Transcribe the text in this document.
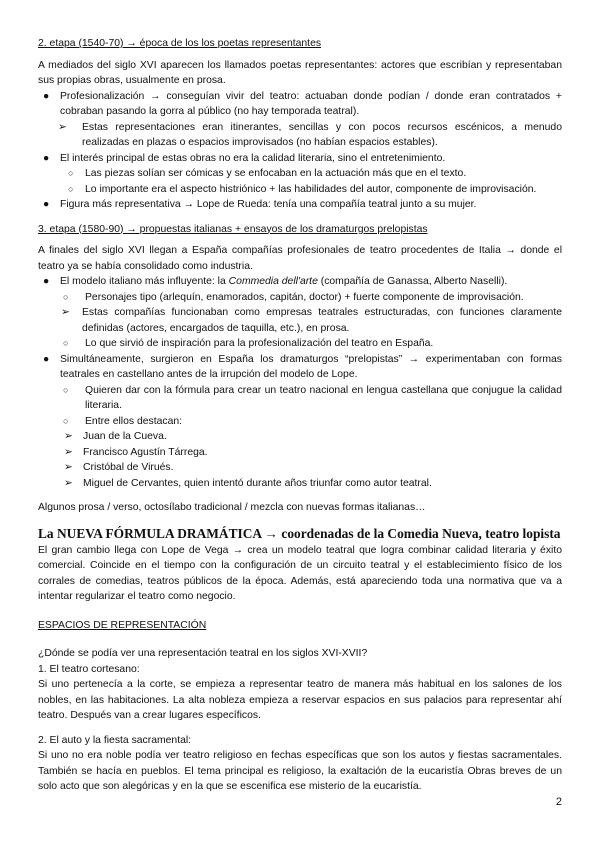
2. etapa (1540-70) → época de los los poetas representantes

A mediados del siglo XVI aparecen los llamados poetas representantes: actores que escribían y representaban sus propias obras, usualmente en prosa.

● Profesionalización → conseguían vivir del teatro: actuaban donde podían / donde eran contratados + cobraban pasando la gorra al público (no hay temporada teatral).
➢ Estas representaciones eran itinerantes, sencillas y con pocos recursos escénicos, a menudo realizadas en plazas o espacios improvisados (no habían espacios estables).
● El interés principal de estas obras no era la calidad literaria, sino el entretenimiento.
○ Las piezas solían ser cómicas y se enfocaban en la actuación más que en el texto.
○ Lo importante era el aspecto histriónico + las habilidades del autor, componente de improvisación.
● Figura más representativa → Lope de Rueda: tenía una compañía teatral junto a su mujer.

3. etapa (1580-90) → propuestas italianas + ensayos de los dramaturgos prelopistas

A finales del siglo XVI llegan a España compañías profesionales de teatro procedentes de Italia → donde el teatro ya se había consolidado como industria.

● El modelo italiano más influyente: la Commedia dell'arte (compañía de Ganassa, Alberto Naselli).
○ Personajes tipo (arlequín, enamorados, capitán, doctor) + fuerte componente de improvisación.
➢ Estas compañías funcionaban como empresas teatrales estructuradas, con funciones claramente definidas (actores, encargados de taquilla, etc.), en prosa.
○ Lo que sirvió de inspiración para la profesionalización del teatro en España.
● Simultáneamente, surgieron en España los dramaturgos “prelopistas” → experimentaban con formas teatrales en castellano antes de la irrupción del modelo de Lope.
○ Quieren dar con la fórmula para crear un teatro nacional en lengua castellana que conjugue la calidad literaria.
○ Entre ellos destacan:
➢ Juan de la Cueva.
➢ Francisco Agustín Tárrega.
➢ Cristóbal de Virués.
➢ Miguel de Cervantes, quien intentó durante años triunfar como autor teatral.

Algunos prosa / verso, octosílabo tradicional / mezcla con nuevas formas italianas…

La NUEVA FÓRMULA DRAMÁTICA → coordenadas de la Comedia Nueva, teatro lopista

El gran cambio llega con Lope de Vega → crea un modelo teatral que logra combinar calidad literaria y éxito comercial. Coincide en el tiempo con la configuración de un circuito teatral y el establecimiento físico de los corrales de comedias, teatros públicos de la época. Además, está apareciendo toda una normativa que va a intentar regularizar el teatro como negocio.

ESPACIOS DE REPRESENTACIÓN

¿Dónde se podía ver una representación teatral en los siglos XVI-XVII?

1. El teatro cortesano:

Si uno pertenecía a la corte, se empieza a representar teatro de manera más habitual en los salones de los nobles, en las habitaciones. La alta nobleza empieza a reservar espacios en sus palacios para representar ahí teatro. Después van a crear lugares específicos.

2. El auto y la fiesta sacramental:

Si uno no era noble podía ver teatro religioso en fechas específicas que son los autos y fiestas sacramentales. También se hacía en pueblos. El tema principal es religioso, la exaltación de la eucaristía Obras breves de un solo acto que son alegóricas y en la que se escenifica ese misterio de la eucaristía.

2
